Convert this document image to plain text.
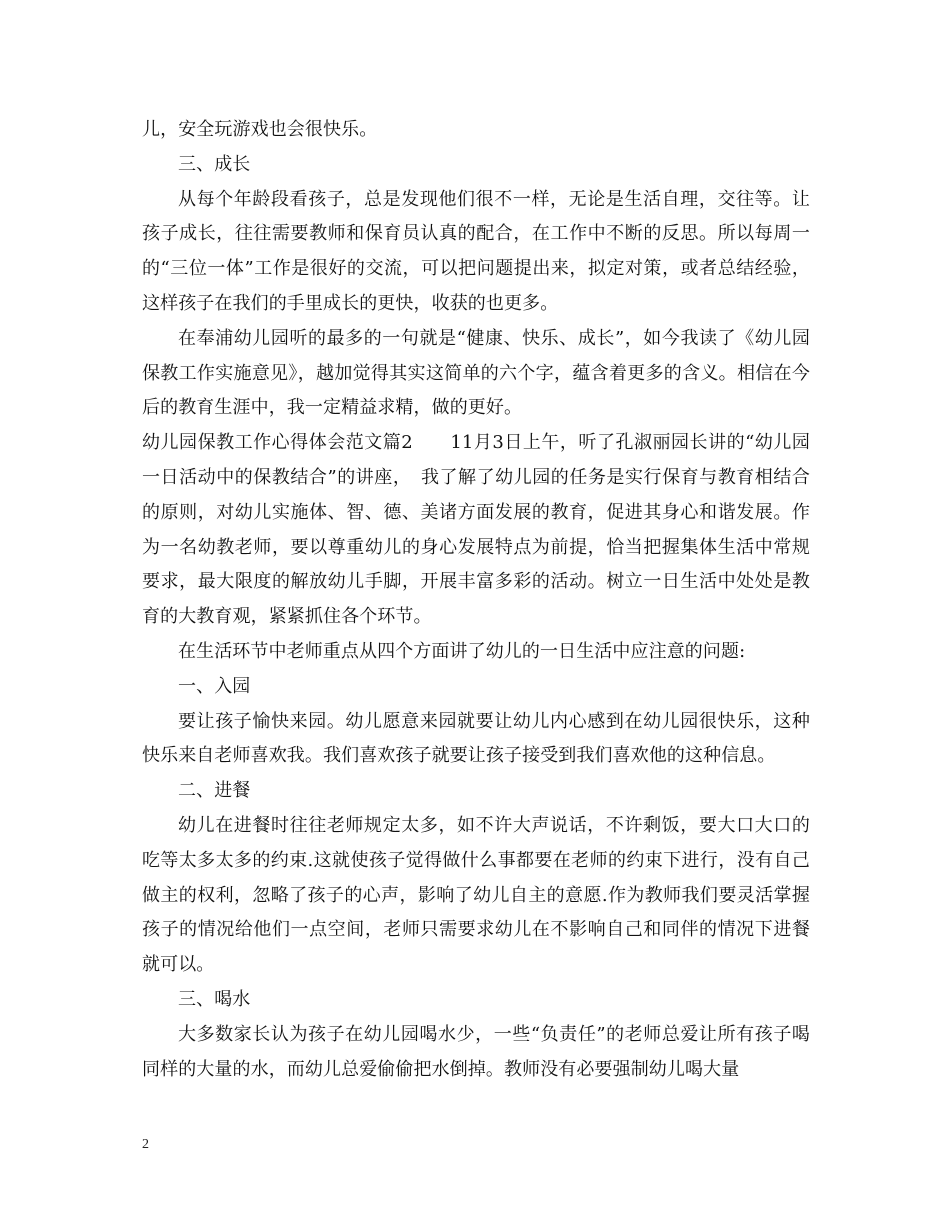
儿，安全玩游戏也会很快乐。

三、成长

从每个年龄段看孩子，总是发现他们很不一样，无论是生活自理，交往等。让孩子成长，往往需要教师和保育员认真的配合，在工作中不断的反思。所以每周一的“三位一体”工作是很好的交流，可以把问题提出来，拟定对策，或者总结经验，这样孩子在我们的手里成长的更快，收获的也更多。

在奉浦幼儿园听的最多的一句就是“健康、快乐、成长”，如今我读了《幼儿园保教工作实施意见》，越加觉得其实这简单的六个字，蕴含着更多的含义。相信在今后的教育生涯中，我一定精益求精，做的更好。

幼儿园保教工作心得体会范文篇2　　11月3日上午，听了孔淑丽园长讲的“幼儿园一日活动中的保教结合”的讲座，　我了解了幼儿园的任务是实行保育与教育相结合的原则，对幼儿实施体、智、德、美诸方面发展的教育，促进其身心和谐发展。作为一名幼教老师，要以尊重幼儿的身心发展特点为前提，恰当把握集体生活中常规要求，最大限度的解放幼儿手脚，开展丰富多彩的活动。树立一日生活中处处是教育的大教育观，紧紧抓住各个环节。

在生活环节中老师重点从四个方面讲了幼儿的一日生活中应注意的问题:

一、入园

要让孩子愉快来园。幼儿愿意来园就要让幼儿内心感到在幼儿园很快乐，这种快乐来自老师喜欢我。我们喜欢孩子就要让孩子接受到我们喜欢他的这种信息。

二、进餐

幼儿在进餐时往往老师规定太多，如不许大声说话，不许剩饭，要大口大口的吃等太多太多的约束.这就使孩子觉得做什么事都要在老师的约束下进行，没有自己做主的权利，忽略了孩子的心声，影响了幼儿自主的意愿.作为教师我们要灵活掌握孩子的情况给他们一点空间，老师只需要求幼儿在不影响自己和同伴的情况下进餐就可以。

三、喝水

大多数家长认为孩子在幼儿园喝水少，一些“负责任”的老师总爱让所有孩子喝同样的大量的水，而幼儿总爱偷偷把水倒掉。教师没有必要强制幼儿喝大量

2
